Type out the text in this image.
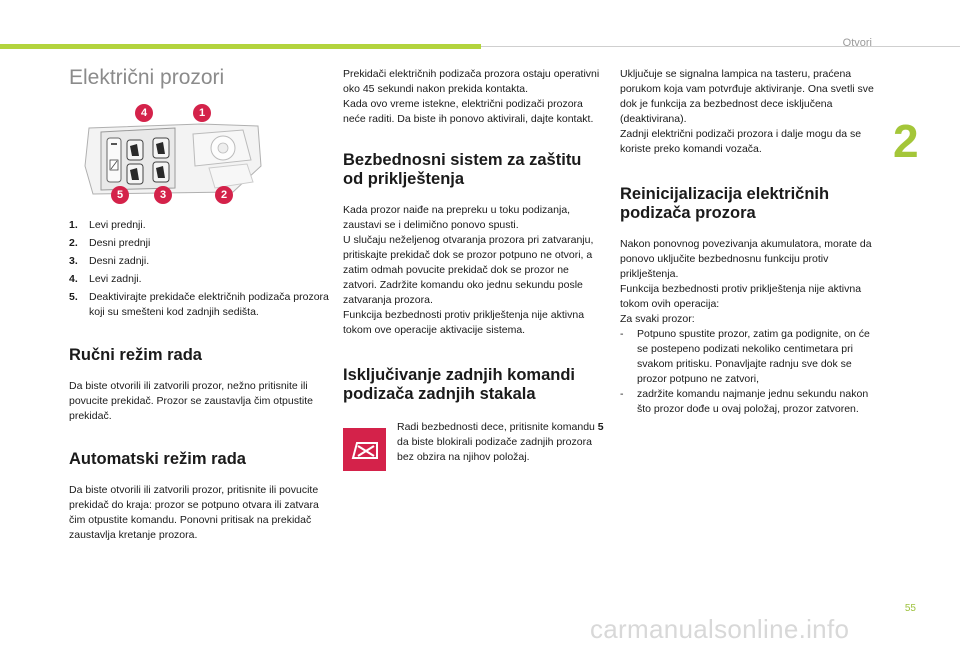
Otvori
2
55
carmanualsonline.info
Električni prozori
4	1
5	3	2
1.	Levi prednji.
2.	Desni prednji
3.	Desni zadnji.
4.	Levi zadnji.
5.	Deaktivirajte prekidače električnih podizača prozora koji su smešteni kod zadnjih sedišta.
Ručni režim rada

Da biste otvorili ili zatvorili prozor, nežno pritisnite ili povucite prekidač. Prozor se zaustavlja čim otpustite prekidač.

Automatski režim rada

Da biste otvorili ili zatvorili prozor, pritisnite ili povucite prekidač do kraja: prozor se potpuno otvara ili zatvara čim otpustite komandu. Ponovni pritisak na prekidač zaustavlja kretanje prozora.

Prekidači električnih podizača prozora ostaju operativni oko 45 sekundi nakon prekida kontakta.

Kada ovo vreme istekne, električni podizači prozora neće raditi. Da biste ih ponovo aktivirali, dajte kontakt.

Bezbednosni sistem za zaštitu od priklještenja

Kada prozor naiđe na prepreku u toku podizanja, zaustavi se i delimično ponovo spusti.

U slučaju neželjenog otvaranja prozora pri zatvaranju, pritiskajte prekidač dok se prozor potpuno ne otvori, a zatim odmah povucite prekidač dok se prozor ne zatvori. Zadržite komandu oko jednu sekundu posle zatvaranja prozora.

Funkcija bezbednosti protiv priklještenja nije aktivna tokom ove operacije aktivacije sistema.

Isključivanje zadnjih komandi podizača zadnjih stakala

Radi bezbednosti dece, pritisnite komandu 5 da biste blokirali podizače zadnjih prozora bez obzira na njihov položaj.

Uključuje se signalna lampica na tasteru, praćena porukom koja vam potvrđuje aktiviranje. Ona svetli sve dok je funkcija za bezbednost dece isključena (deaktivirana).

Zadnji električni podizači prozora i dalje mogu da se koriste preko komandi vozača.

Reinicijalizacija električnih podizača prozora

Nakon ponovnog povezivanja akumulatora, morate da ponovo uključite bezbednosnu funkciju protiv priklještenja.

Funkcija bezbednosti protiv priklještenja nije aktivna tokom ovih operacija:

Za svaki prozor:

-	Potpuno spustite prozor, zatim ga podignite, on će se postepeno podizati nekoliko centimetara pri svakom pritisku. Ponavljajte radnju sve dok se prozor potpuno ne zatvori,
-	zadržite komandu najmanje jednu sekundu nakon što prozor dođe u ovaj položaj, prozor zatvoren.
